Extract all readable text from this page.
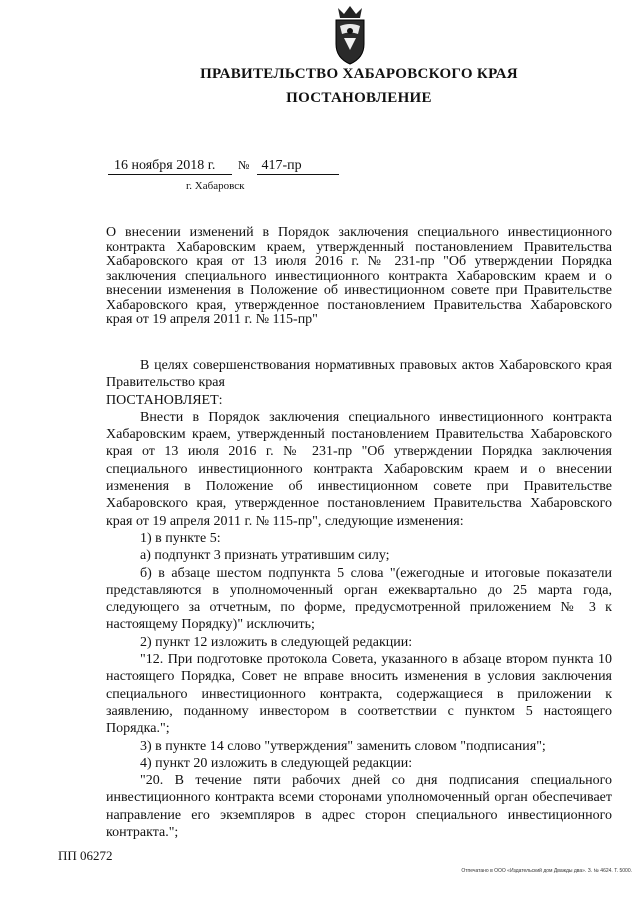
ПРАВИТЕЛЬСТВО ХАБАРОВСКОГО КРАЯ
ПОСТАНОВЛЕНИЕ
16 ноября 2018 г. № 417-пр
г. Хабаровск
О внесении изменений в Порядок заключения специального инвестиционного контракта Хабаровским краем, утвержденный постановлением Правительства Хабаровского края от 13 июля 2016 г. № 231-пр "Об утверждении Порядка заключения специального инвестиционного контракта Хабаровским краем и о внесении изменения в Положение об инвестиционном совете при Правительстве Хабаровского края, утвержденное постановлением Правительства Хабаровского края от 19 апреля 2011 г. № 115-пр"

В целях совершенствования нормативных правовых актов Хабаровского края Правительство края

ПОСТАНОВЛЯЕТ:

Внести в Порядок заключения специального инвестиционного контракта Хабаровским краем, утвержденный постановлением Правительства Хабаровского края от 13 июля 2016 г. № 231-пр "Об утверждении Порядка заключения специального инвестиционного контракта Хабаровским краем и о внесении изменения в Положение об инвестиционном совете при Правительстве Хабаровского края, утвержденное постановлением Правительства Хабаровского края от 19 апреля 2011 г. № 115-пр", следующие изменения:

1) в пункте 5:

а) подпункт 3 признать утратившим силу;

б) в абзаце шестом подпункта 5 слова "(ежегодные и итоговые показатели представляются в уполномоченный орган ежеквартально до 25 марта года, следующего за отчетным, по форме, предусмотренной приложением № 3 к настоящему Порядку)" исключить;

2) пункт 12 изложить в следующей редакции:

"12. При подготовке протокола Совета, указанного в абзаце втором пункта 10 настоящего Порядка, Совет не вправе вносить изменения в условия заключения специального инвестиционного контракта, содержащиеся в приложении к заявлению, поданному инвестором в соответствии с пунктом 5 настоящего Порядка.";

3) в пункте 14 слово "утверждения" заменить словом "подписания";

4) пункт 20 изложить в следующей редакции:

"20. В течение пяти рабочих дней со дня подписания специального инвестиционного контракта всеми сторонами уполномоченный орган обеспечивает направление его экземпляров в адрес сторон специального инвестиционного контракта.";

ПП 06272
Отпечатано в ООО «Издательский дом Дважды два». З. № 4624. Т. 5000.
